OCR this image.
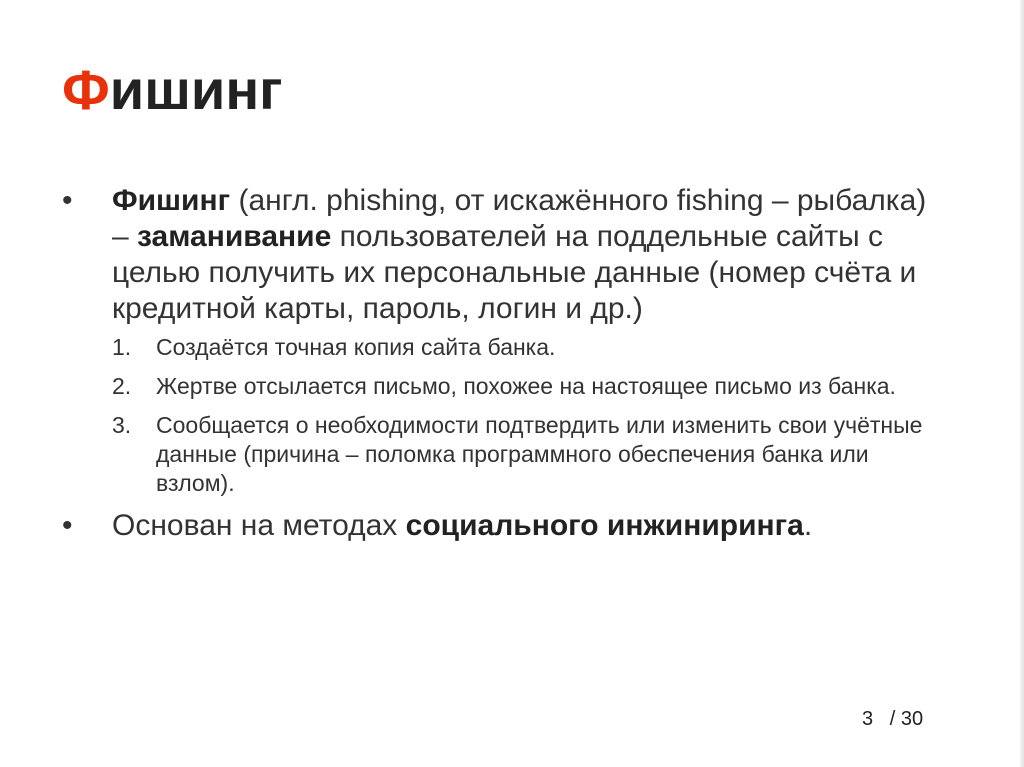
Фишинг
•	Фишинг (англ. phishing, от искажённого fishing – рыбалка) – заманивание пользователей на поддельные сайты с целью получить их персональные данные (номер счёта и кредитной карты, пароль, логин и др.)
1. Создаётся точная копия сайта банка.
2. Жертве отсылается письмо, похожее на настоящее письмо из банка.
3. Сообщается о необходимости подтвердить или изменить свои учётные данные (причина – поломка программного обеспечения банка или взлом).
•	Основан на методах социального инжиниринга.
3 / 30
